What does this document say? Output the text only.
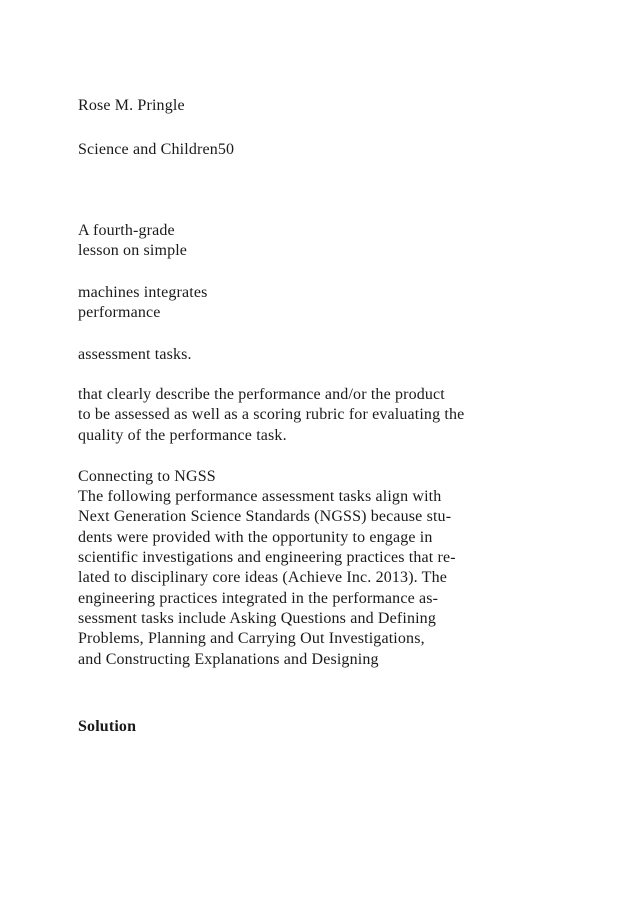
Rose M. Pringle
Science and Children50
A fourth-grade
lesson on simple
machines integrates
performance
assessment tasks.
that clearly describe the performance and/or the product
to be assessed as well as a scoring rubric for evaluating the
quality of the performance task.
Connecting to NGSS
The following performance assessment tasks align with
Next Generation Science Standards (NGSS) because stu-
dents were provided with the opportunity to engage in
scientific investigations and engineering practices that re-
lated to disciplinary core ideas (Achieve Inc. 2013). The
engineering practices integrated in the performance as-
sessment tasks include Asking Questions and Defining
Problems, Planning and Carrying Out Investigations,
and Constructing Explanations and Designing
Solution
